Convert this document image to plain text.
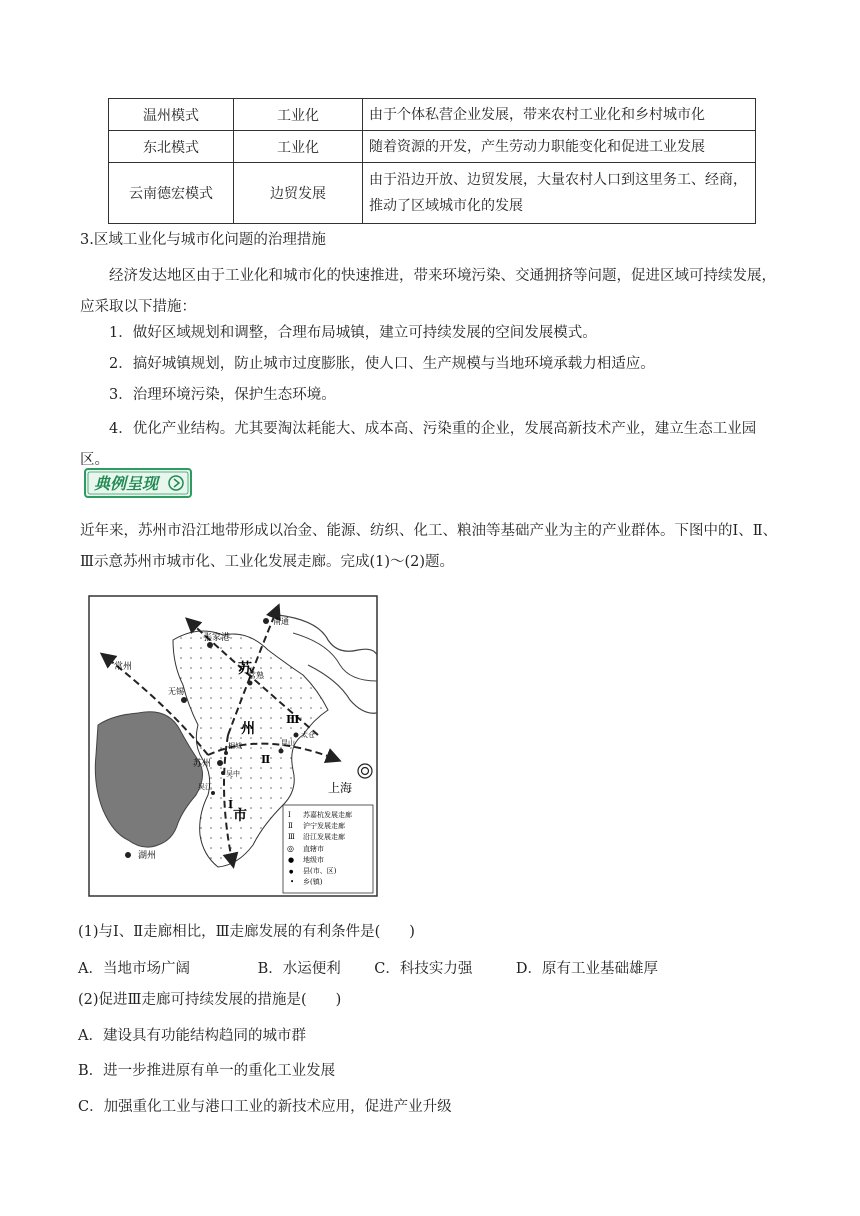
温州模式	工业化	由于个体私营企业发展，带来农村工业化和乡村城市化
东北模式	工业化	随着资源的开发，产生劳动力职能变化和促进工业发展
云南德宏模式	边贸发展	由于沿边开放、边贸发展，大量农村人口到这里务工、经商，推动了区域城市化的发展

3.区域工业化与城市化问题的治理措施

经济发达地区由于工业化和城市化的快速推进，带来环境污染、交通拥挤等问题，促进区域可持续发展，应采取以下措施：

1．做好区域规划和调整，合理布局城镇，建立可持续发展的空间发展模式。

2．搞好城镇规划，防止城市过度膨胀，使人口、生产规模与当地环境承载力相适应。

3．治理环境污染，保护生态环境。

4．优化产业结构。尤其要淘汰耗能大、成本高、污染重的企业，发展高新技术产业，建立生态工业园区。

典例呈现

近年来，苏州市沿江地带形成以冶金、能源、纺织、化工、粮油等基础产业为主的产业群体。下图中的Ⅰ、Ⅱ、Ⅲ示意苏州市城市化、工业化发展走廊。完成(1)～(2)题。

南通
张家港
常州
无锡
常熟
太仓
昆山
相城
苏州
吴中
吴江
湖州
上海
苏
州
市
Ⅰ
Ⅱ
Ⅲ
Ⅰ 苏嘉杭发展走廊
Ⅱ 沪宁发展走廊
Ⅲ 沿江发展走廊
◎ 直辖市
● 地级市
● 县(市、区)
• 乡(镇)

(1)与Ⅰ、Ⅱ走廊相比，Ⅲ走廊发展的有利条件是(　　)

A．当地市场广阔	B．水运便利 C．科技实力强	D．原有工业基础雄厚

(2)促进Ⅲ走廊可持续发展的措施是(　　)

A．建设具有功能结构趋同的城市群

B．进一步推进原有单一的重化工业发展

C．加强重化工业与港口工业的新技术应用，促进产业升级
